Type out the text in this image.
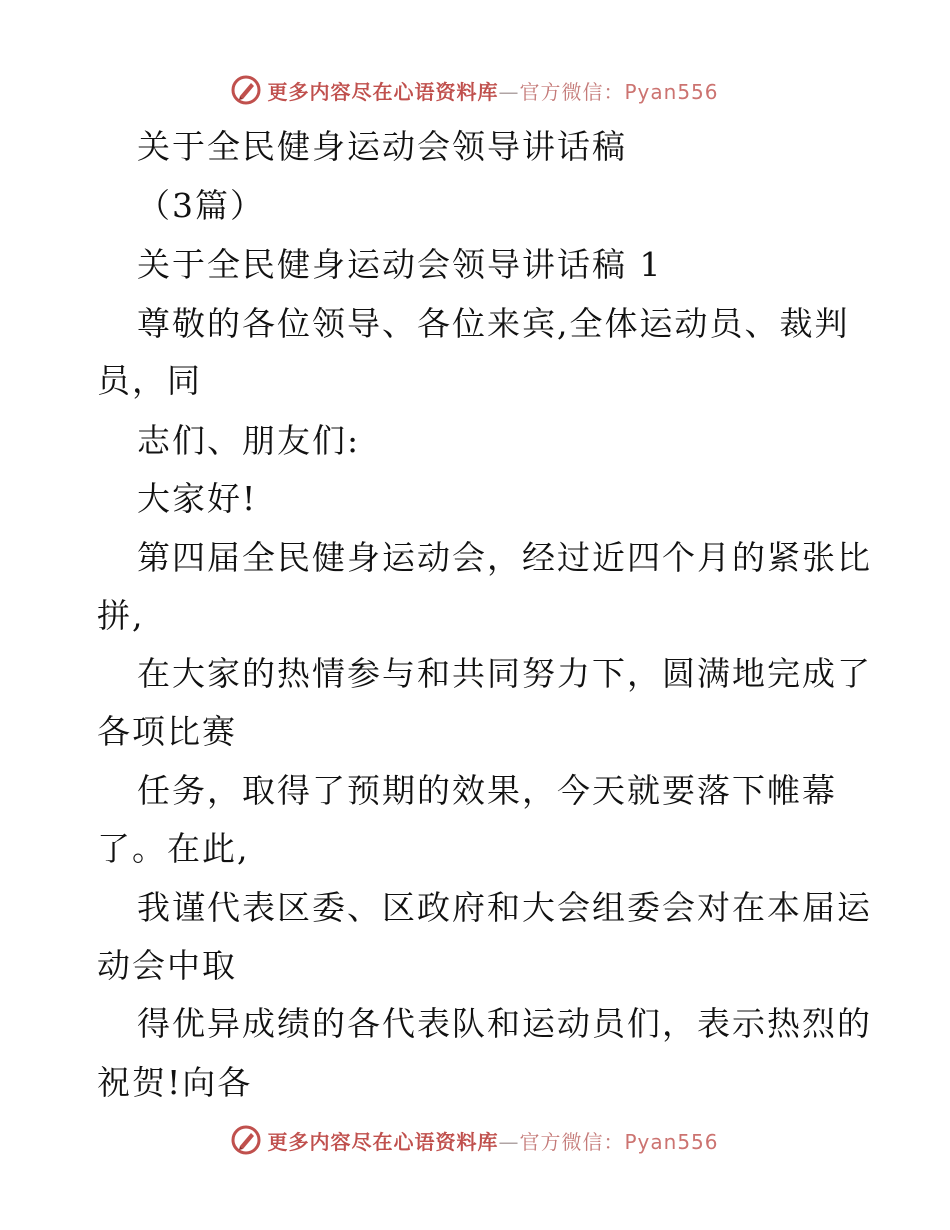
更多内容尽在心语资料库—官方微信：Pyan556
关于全民健身运动会领导讲话稿
（3篇）
关于全民健身运动会领导讲话稿 1
尊敬的各位领导、各位来宾,全体运动员、裁判
员，同
志们、朋友们:
大家好!
第四届全民健身运动会，经过近四个月的紧张比
拼,
在大家的热情参与和共同努力下，圆满地完成了
各项比赛
任务，取得了预期的效果，今天就要落下帷幕
了。在此,
我谨代表区委、区政府和大会组委会对在本届运
动会中取
得优异成绩的各代表队和运动员们，表示热烈的
祝贺!向各
更多内容尽在心语资料库—官方微信：Pyan556
